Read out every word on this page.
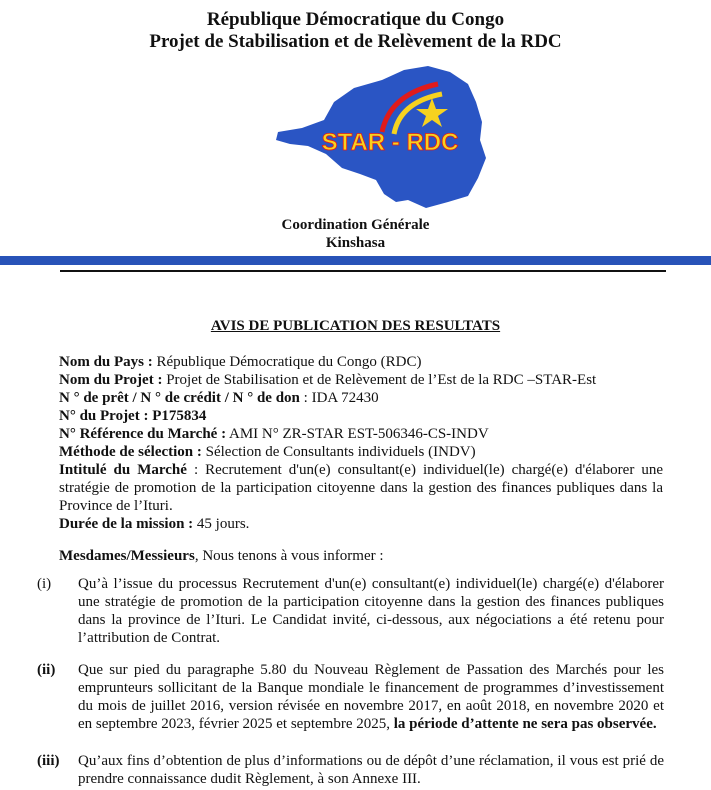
République Démocratique du Congo
Projet de Stabilisation et de Relèvement de la RDC
STAR - RDC
Coordination Générale
Kinshasa
AVIS DE PUBLICATION DES RESULTATS
Nom du Pays : République Démocratique du Congo (RDC)
Nom du Projet : Projet de Stabilisation et de Relèvement de l’Est de la RDC –STAR-Est
N ° de prêt / N ° de crédit / N ° de don : IDA 72430
N° du Projet : P175834
N° Référence du Marché : AMI N° ZR-STAR EST-506346-CS-INDV
Méthode de sélection : Sélection de Consultants individuels (INDV)
Intitulé du Marché : Recrutement d'un(e) consultant(e) individuel(le) chargé(e) d'élaborer une stratégie de promotion de la participation citoyenne dans la gestion des finances publiques dans la Province de l’Ituri.
Durée de la mission : 45 jours.
Mesdames/Messieurs, Nous tenons à vous informer :
(i) Qu’à l’issue du processus Recrutement d'un(e) consultant(e) individuel(le) chargé(e) d'élaborer une stratégie de promotion de la participation citoyenne dans la gestion des finances publiques dans la province de l’Ituri. Le Candidat invité, ci-dessous, aux négociations a été retenu pour l’attribution de Contrat.
(ii) Que sur pied du paragraphe 5.80 du Nouveau Règlement de Passation des Marchés pour les emprunteurs sollicitant de la Banque mondiale le financement de programmes d’investissement du mois de juillet 2016, version révisée en novembre 2017, en août 2018, en novembre 2020 et en septembre 2023, février 2025 et septembre 2025, la période d’attente ne sera pas observée.
(iii) Qu’aux fins d’obtention de plus d’informations ou de dépôt d’une réclamation, il vous est prié de prendre connaissance dudit Règlement, à son Annexe III.
